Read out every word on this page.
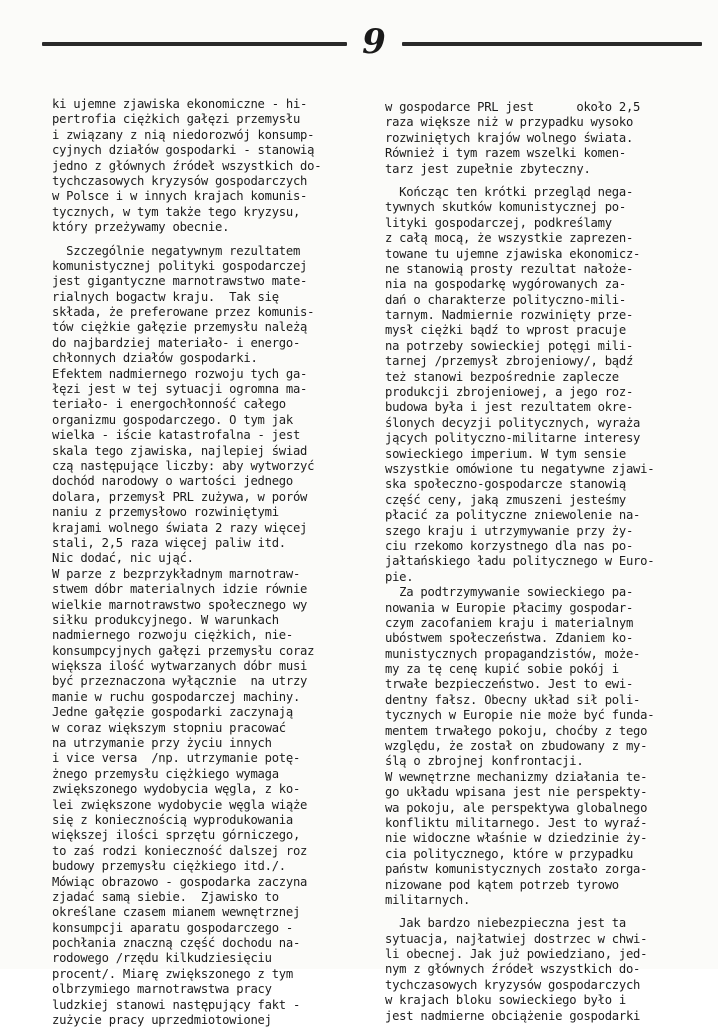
9
ki ujemne zjawiska ekonomiczne - hi-
pertrofia ciężkich gałęzi przemysłu
i związany z nią niedorozwój konsump-
cyjnych działów gospodarki - stanowią
jedno z głównych źródeł wszystkich do-
tychczasowych kryzysów gospodarczych
w Polsce i w innych krajach komunis-
tycznych, w tym także tego kryzysu,
który przeżywamy obecnie.
Szczególnie negatywnym rezultatem
komunistycznej polityki gospodarczej
jest gigantyczne marnotrawstwo mate-
rialnych bogactw kraju.  Tak się
składa, że preferowane przez komunis-
tów ciężkie gałęzie przemysłu należą
do najbardziej materiało- i energo-
chłonnych działów gospodarki.
Efektem nadmiernego rozwoju tych ga-
łęzi jest w tej sytuacji ogromna ma-
teriało- i energochłonność całego
organizmu gospodarczego. O tym jak
wielka - iście katastrofalna - jest
skala tego zjawiska, najlepiej świad
czą następujące liczby: aby wytworzyć
dochód narodowy o wartości jednego
dolara, przemysł PRL zużywa, w porów
naniu z przemysłowo rozwiniętymi
krajami wolnego świata 2 razy więcej
stali, 2,5 raza więcej paliw itd.
Nic dodać, nic ująć.
W parze z bezprzykładnym marnotraw-
stwem dóbr materialnych idzie równie
wielkie marnotrawstwo społecznego wy
siłku produkcyjnego. W warunkach
nadmiernego rozwoju ciężkich, nie-
konsumpcyjnych gałęzi przemysłu coraz
większa ilość wytwarzanych dóbr musi
być przeznaczona wyłącznie  na utrzy
manie w ruchu gospodarczej machiny.
Jedne gałęzie gospodarki zaczynają
w coraz większym stopniu pracować
na utrzymanie przy życiu innych
i vice versa  /np. utrzymanie potę-
żnego przemysłu ciężkiego wymaga
zwiększonego wydobycia węgla, z ko-
lei zwiększone wydobycie węgla wiąże
się z koniecznością wyprodukowania
większej ilości sprzętu górniczego,
to zaś rodzi konieczność dalszej roz
budowy przemysłu ciężkiego itd./.
Mówiąc obrazowo - gospodarka zaczyna
zjadać samą siebie.  Zjawisko to
określane czasem mianem wewnętrznej
konsumpcji aparatu gospodarczego -
pochłania znaczną część dochodu na-
rodowego /rzędu kilkudziesięciu
procent/. Miarę zwiększonego z tym
olbrzymiego marnotrawstwa pracy
ludzkiej stanowi następujący fakt -
zużycie pracy uprzedmiotowionej
w gospodarce PRL jest      około 2,5
raza większe niż w przypadku wysoko
rozwiniętych krajów wolnego świata.
Również i tym razem wszelki komen-
tarz jest zupełnie zbyteczny.
Kończąc ten krótki przegląd nega-
tywnych skutków komunistycznej po-
lityki gospodarczej, podkreślamy
z całą mocą, że wszystkie zaprezen-
towane tu ujemne zjawiska ekonomicz-
ne stanowią prosty rezultat nałoże-
nia na gospodarkę wygórowanych za-
dań o charakterze polityczno-mili-
tarnym. Nadmiernie rozwinięty prze-
mysł ciężki bądź to wprost pracuje
na potrzeby sowieckiej potęgi mili-
tarnej /przemysł zbrojeniowy/, bądź
też stanowi bezpośrednie zaplecze
produkcji zbrojeniowej, a jego roz-
budowa była i jest rezultatem okre-
ślonych decyzji politycznych, wyraża
jących polityczno-militarne interesy
sowieckiego imperium. W tym sensie
wszystkie omówione tu negatywne zjawi-
ska społeczno-gospodarcze stanowią
część ceny, jaką zmuszeni jesteśmy
płacić za polityczne zniewolenie na-
szego kraju i utrzymywanie przy ży-
ciu rzekomo korzystnego dla nas po-
jałtańskiego ładu politycznego w Euro-
pie.
Za podtrzymywanie sowieckiego pa-
nowania w Europie płacimy gospodar-
czym zacofaniem kraju i materialnym
ubóstwem społeczeństwa. Zdaniem ko-
munistycznych propagandzistów, może-
my za tę cenę kupić sobie pokój i
trwałe bezpieczeństwo. Jest to ewi-
dentny fałsz. Obecny układ sił poli-
tycznych w Europie nie może być funda-
mentem trwałego pokoju, choćby z tego
względu, że został on zbudowany z my-
ślą o zbrojnej konfrontacji.
W wewnętrzne mechanizmy działania te-
go układu wpisana jest nie perspekty-
wa pokoju, ale perspektywa globalnego
konfliktu militarnego. Jest to wyraź-
nie widoczne właśnie w dziedzinie ży-
cia politycznego, które w przypadku
państw komunistycznych zostało zorga-
nizowane pod kątem potrzeb tyrowo
militarnych.
Jak bardzo niebezpieczna jest ta
sytuacja, najłatwiej dostrzec w chwi-
li obecnej. Jak już powiedziano, jed-
nym z głównych źródeł wszystkich do-
tychczasowych kryzysów gospodarczych
w krajach bloku sowieckiego było i
jest nadmierne obciążenie gospodarki
